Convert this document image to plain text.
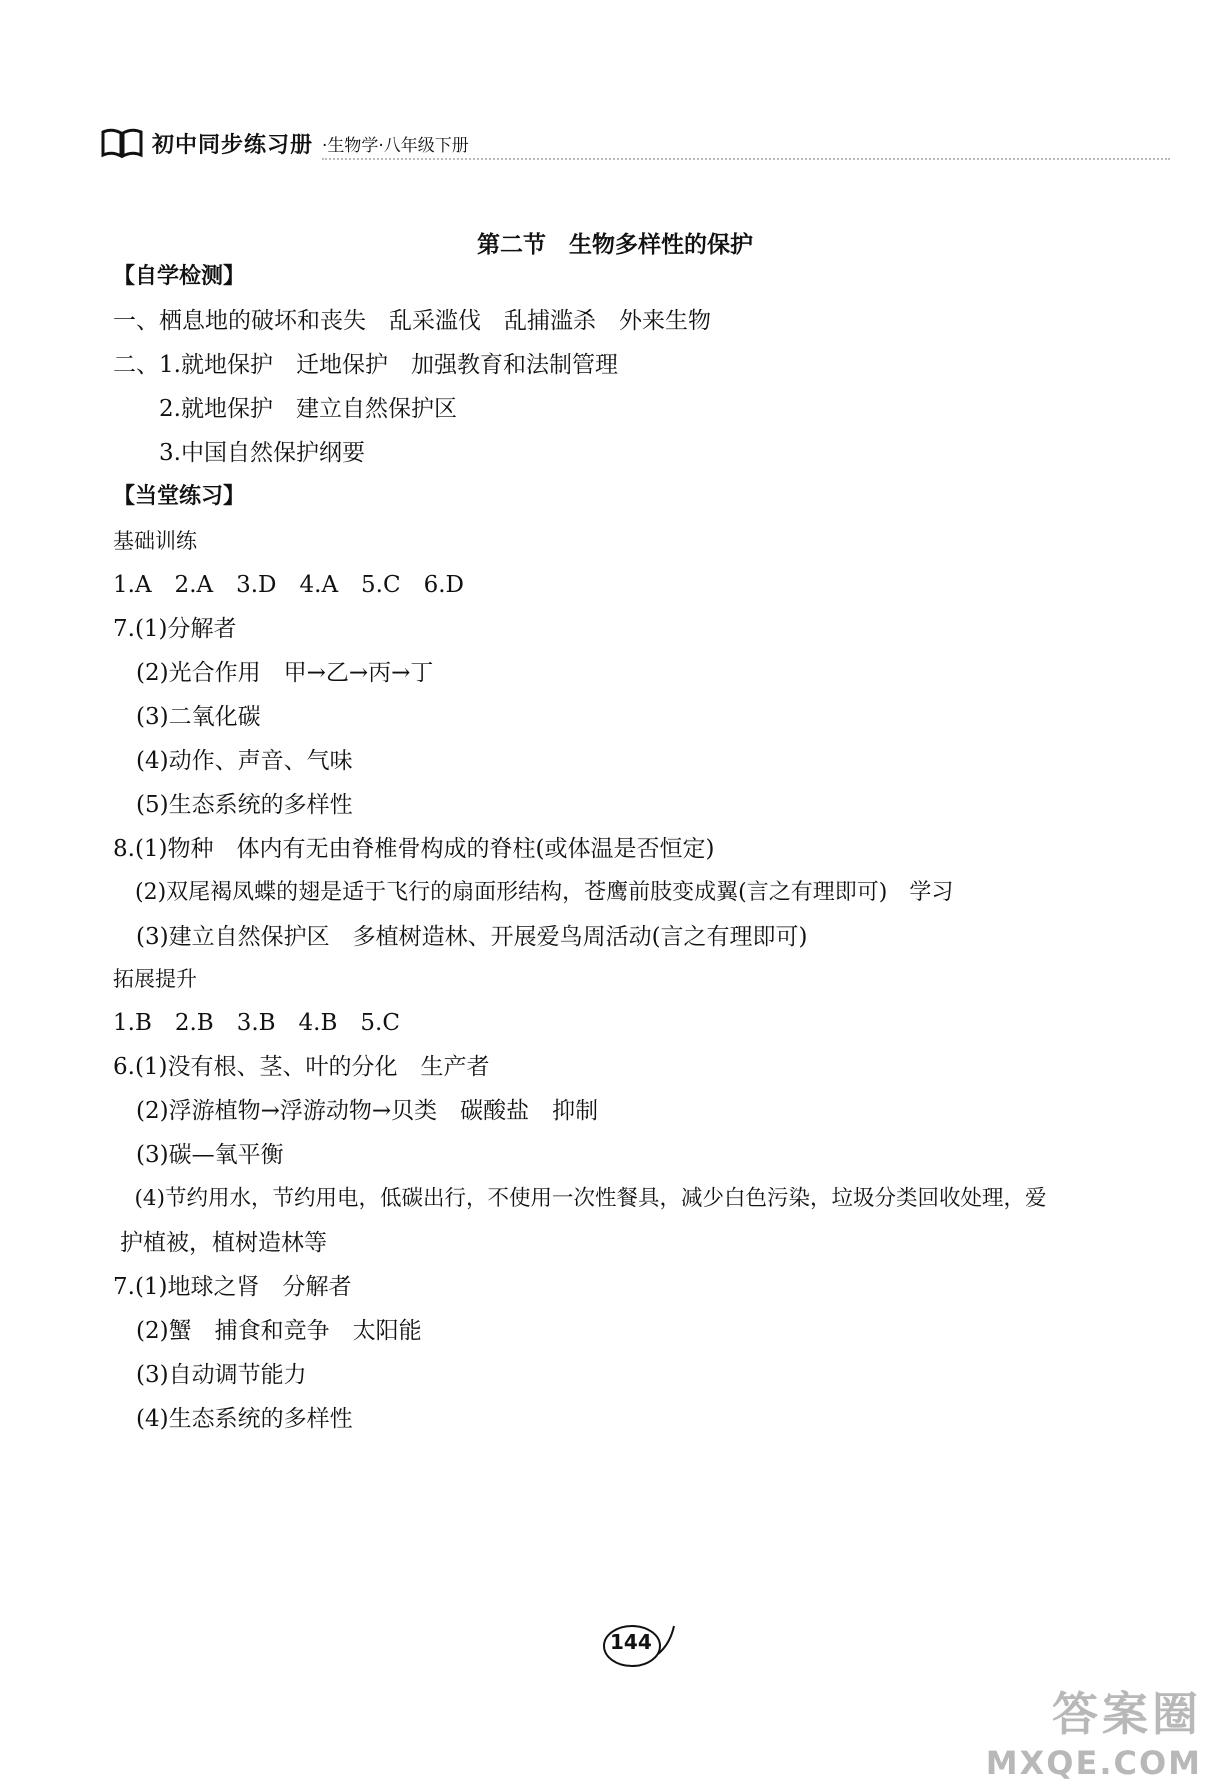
初中同步练习册 ·生物学·八年级下册
第二节　生物多样性的保护
【自学检测】
一、栖息地的破坏和丧失　乱采滥伐　乱捕滥杀　外来生物
二、1.就地保护　迁地保护　加强教育和法制管理
　　2.就地保护　建立自然保护区
　　3.中国自然保护纲要
【当堂练习】
基础训练
1.A　2.A　3.D　4.A　5.C　6.D
7.(1)分解者
　(2)光合作用　甲→乙→丙→丁
　(3)二氧化碳
　(4)动作、声音、气味
　(5)生态系统的多样性
8.(1)物种　体内有无由脊椎骨构成的脊柱(或体温是否恒定)
　(2)双尾褐凤蝶的翅是适于飞行的扇面形结构，苍鹰前肢变成翼(言之有理即可)　学习
　(3)建立自然保护区　多植树造林、开展爱鸟周活动(言之有理即可)
拓展提升
1.B　2.B　3.B　4.B　5.C
6.(1)没有根、茎、叶的分化　生产者
　(2)浮游植物→浮游动物→贝类　碳酸盐　抑制
　(3)碳—氧平衡
　(4)节约用水，节约用电，低碳出行，不使用一次性餐具，减少白色污染，垃圾分类回收处理，爱
护植被，植树造林等
7.(1)地球之肾　分解者
　(2)蟹　捕食和竞争　太阳能
　(3)自动调节能力
　(4)生态系统的多样性
144
答案圈
MXQE.COM
